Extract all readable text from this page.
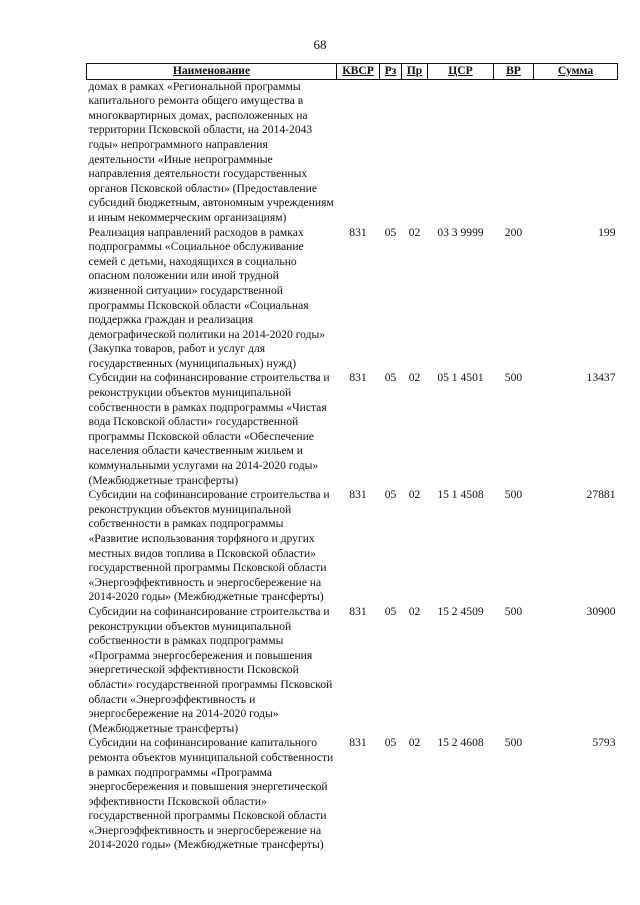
68
Наименование	КВСР	Рз	Пр	ЦСР	ВР	Сумма
домах в рамках «Региональной программы капитального ремонта общего имущества в многоквартирных домах, расположенных на территории Псковской области, на 2014-2043 годы» непрограммного направления деятельности «Иные непрограммные направления деятельности государственных органов Псковской области» (Предоставление субсидий бюджетным, автономным учреждениям и иным некоммерческим организациям)						
Реализация направлений расходов в рамках подпрограммы «Социальное обслуживание семей с детьми, находящихся в социально опасном положении или иной трудной жизненной ситуации» государственной программы Псковской области «Социальная поддержка граждан и реализация демографической политики на 2014-2020 годы» (Закупка товаров, работ и услуг для государственных (муниципальных) нужд)	831	05	02	03 3 9999	200	199
Субсидии на софинансирование строительства и реконструкции объектов муниципальной собственности в рамках подпрограммы «Чистая вода Псковской области» государственной программы Псковской области «Обеспечение населения области качественным жильем и коммунальными услугами на 2014-2020 годы» (Межбюджетные трансферты)	831	05	02	05 1 4501	500	13437
Субсидии на софинансирование строительства и реконструкции объектов муниципальной собственности в рамках подпрограммы «Развитие использования торфяного и других местных видов топлива в Псковской области» государственной программы Псковской области «Энергоэффективность и энергосбережение на 2014-2020 годы» (Межбюджетные трансферты)	831	05	02	15 1 4508	500	27881
Субсидии на софинансирование строительства и реконструкции объектов муниципальной собственности в рамках подпрограммы «Программа энергосбережения и повышения энергетической эффективности Псковской области» государственной программы Псковской области «Энергоэффективность и энергосбережение на 2014-2020 годы» (Межбюджетные трансферты)	831	05	02	15 2 4509	500	30900
Субсидии на софинансирование капитального ремонта объектов муниципальной собственности в рамках подпрограммы «Программа энергосбережения и повышения энергетической эффективности Псковской области» государственной программы Псковской области «Энергоэффективность и энергосбережение на 2014-2020 годы» (Межбюджетные трансферты)	831	05	02	15 2 4608	500	5793
